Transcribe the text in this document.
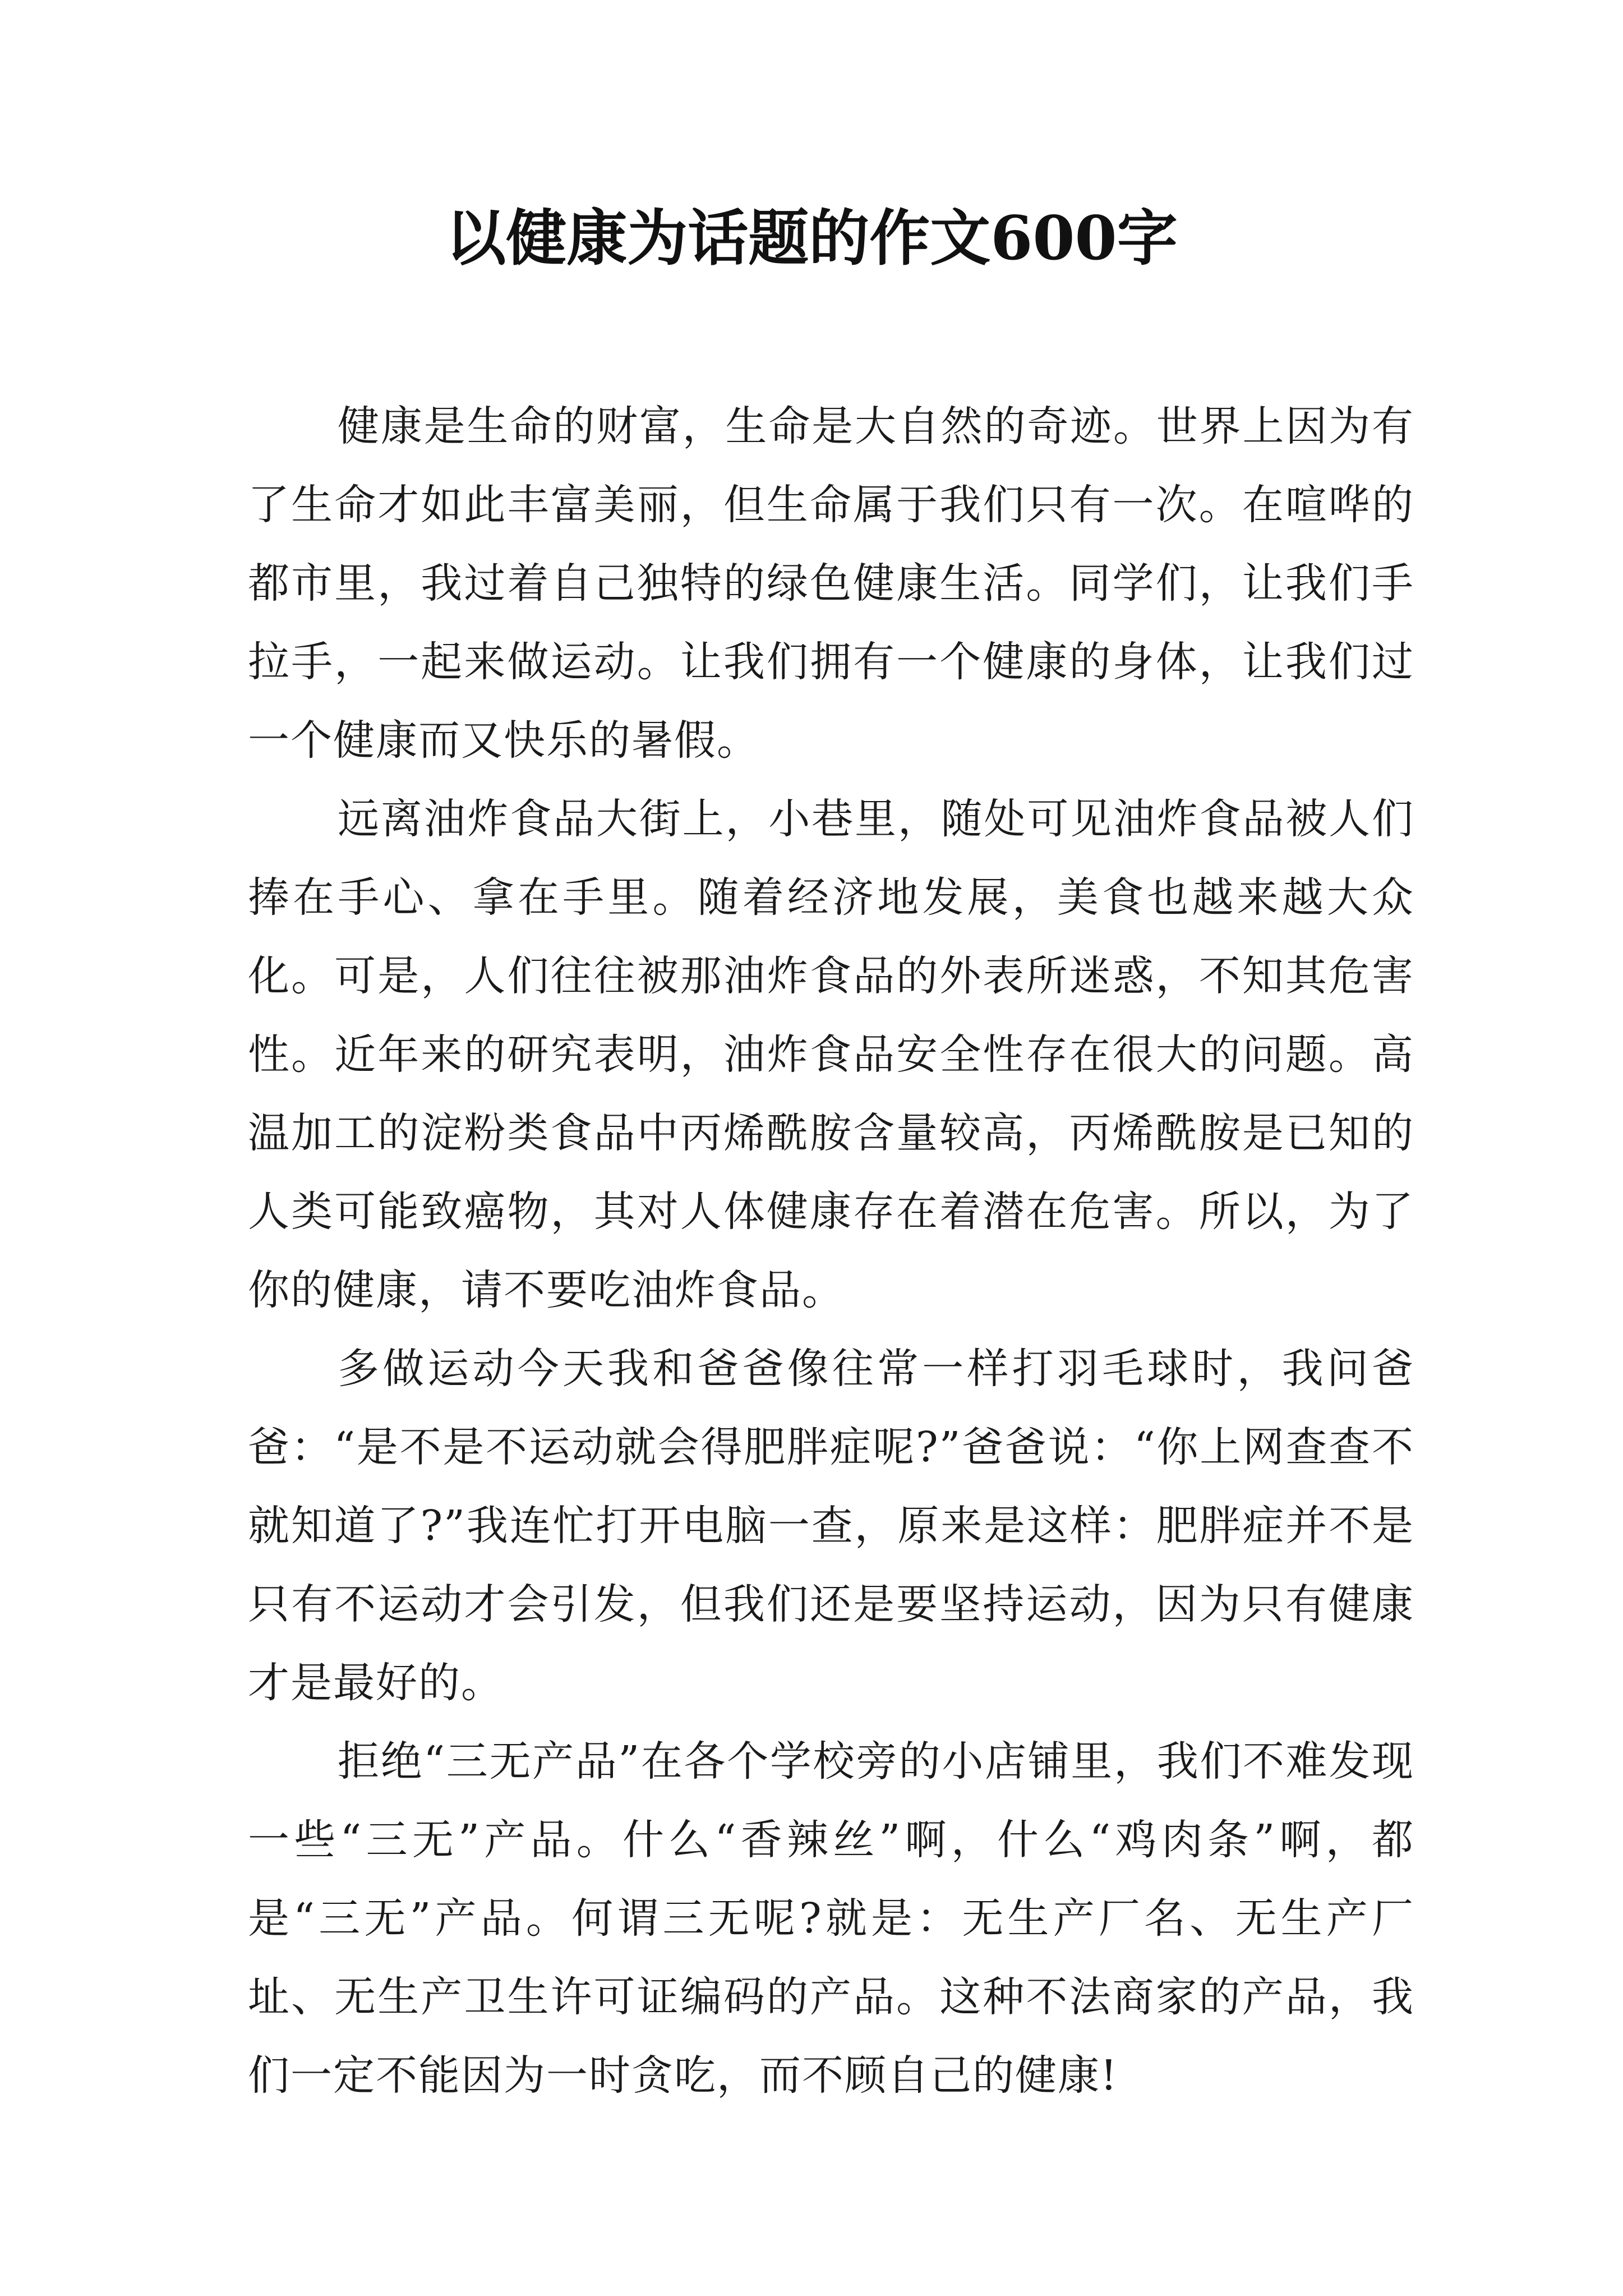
以健康为话题的作文600字

健康是生命的财富，生命是大自然的奇迹。世界上因为有了生命才如此丰富美丽，但生命属于我们只有一次。在喧哗的都市里，我过着自己独特的绿色健康生活。同学们，让我们手拉手，一起来做运动。让我们拥有一个健康的身体，让我们过一个健康而又快乐的暑假。

远离油炸食品大街上，小巷里，随处可见油炸食品被人们捧在手心、拿在手里。随着经济地发展，美食也越来越大众化。可是，人们往往被那油炸食品的外表所迷惑，不知其危害性。近年来的研究表明，油炸食品安全性存在很大的问题。高温加工的淀粉类食品中丙烯酰胺含量较高，丙烯酰胺是已知的人类可能致癌物，其对人体健康存在着潜在危害。所以，为了你的健康，请不要吃油炸食品。

多做运动今天我和爸爸像往常一样打羽毛球时，我问爸爸：“是不是不运动就会得肥胖症呢?”爸爸说：“你上网查查不就知道了?”我连忙打开电脑一查，原来是这样：肥胖症并不是只有不运动才会引发，但我们还是要坚持运动，因为只有健康才是最好的。

拒绝“三无产品”在各个学校旁的小店铺里，我们不难发现一些“三无”产品。什么“香辣丝”啊，什么“鸡肉条”啊，都是“三无”产品。何谓三无呢?就是：无生产厂名、无生产厂址、无生产卫生许可证编码的产品。这种不法商家的产品，我们一定不能因为一时贪吃，而不顾自己的健康!
